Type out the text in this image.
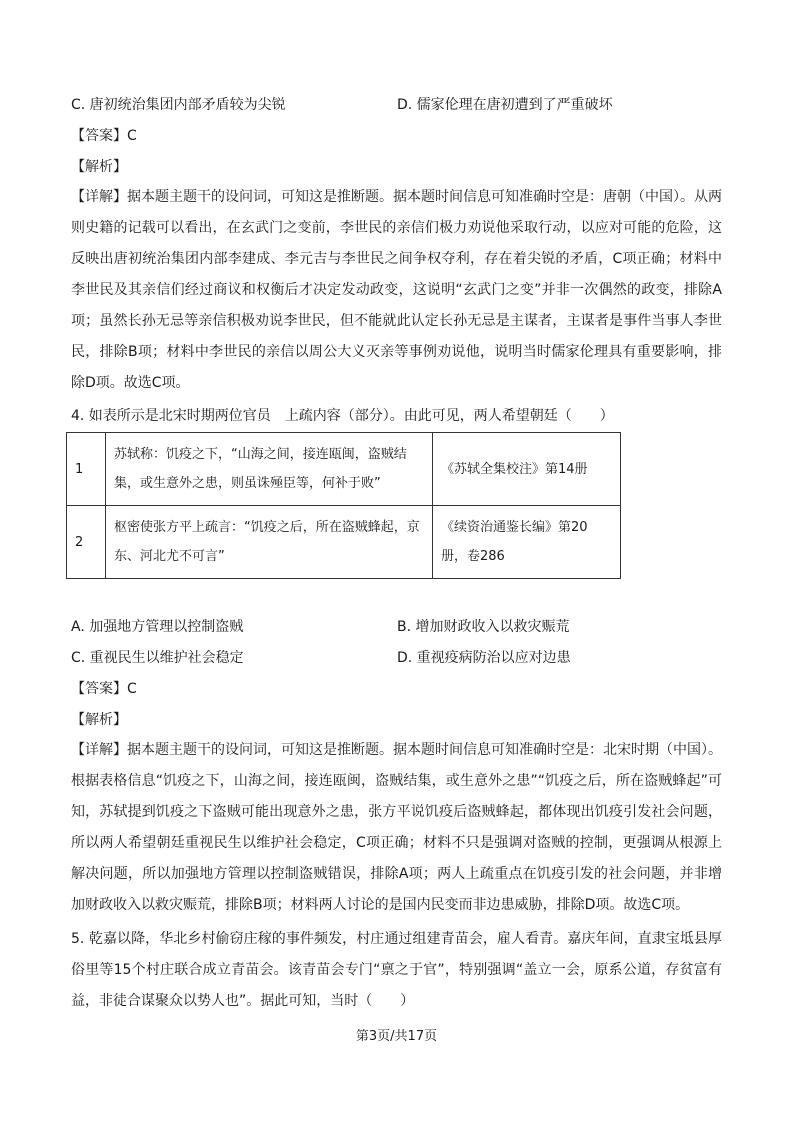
C. 唐初统治集团内部矛盾较为尖锐	D. 儒家伦理在唐初遭到了严重破坏
【答案】C
【解析】
【详解】据本题主题干的设问词，可知这是推断题。据本题时间信息可知准确时空是：唐朝（中国）。从两则史籍的记载可以看出，在玄武门之变前，李世民的亲信们极力劝说他采取行动，以应对可能的危险，这反映出唐初统治集团内部李建成、李元吉与李世民之间争权夺利，存在着尖锐的矛盾，C项正确；材料中李世民及其亲信们经过商议和权衡后才决定发动政变，这说明“玄武门之变”并非一次偶然的政变，排除A项；虽然长孙无忌等亲信积极劝说李世民，但不能就此认定长孙无忌是主谋者，主谋者是事件当事人李世民，排除B项；材料中李世民的亲信以周公大义灭亲等事例劝说他，说明当时儒家伦理具有重要影响，排除D项。故选C项。
4. 如表所示是北宋时期两位官员　上疏内容（部分）。由此可见，两人希望朝廷（　　）
1	苏轼称：饥疫之下，“山海之间，接连瓯闽，盗贼结集，或生意外之患，则虽诛殛臣等，何补于败”	《苏轼全集校注》第14册
2	枢密使张方平上疏言：“饥疫之后，所在盗贼蜂起，京东、河北尤不可言”	《续资治通鉴长编》第20册，卷286
A. 加强地方管理以控制盗贼	B. 增加财政收入以救灾赈荒
C. 重视民生以维护社会稳定	D. 重视疫病防治以应对边患
【答案】C
【解析】
【详解】据本题主题干的设问词，可知这是推断题。据本题时间信息可知准确时空是：北宋时期（中国）。根据表格信息“饥疫之下，山海之间，接连瓯闽，盗贼结集，或生意外之患”“饥疫之后，所在盗贼蜂起”可知，苏轼提到饥疫之下盗贼可能出现意外之患，张方平说饥疫后盗贼蜂起，都体现出饥疫引发社会问题，所以两人希望朝廷重视民生以维护社会稳定，C项正确；材料不只是强调对盗贼的控制，更强调从根源上解决问题，所以加强地方管理以控制盗贼错误，排除A项；两人上疏重点在饥疫引发的社会问题，并非增加财政收入以救灾赈荒，排除B项；材料两人讨论的是国内民变而非边患威胁，排除D项。故选C项。
5. 乾嘉以降，华北乡村偷窃庄稼的事件频发，村庄通过组建青苗会，雇人看青。嘉庆年间，直隶宝坻县厚俗里等15个村庄联合成立青苗会。该青苗会专门“禀之于官”，特别强调“盖立一会，原系公道，存贫富有益，非徒合谋聚众以势人也”。据此可知，当时（　　）
第3页/共17页
